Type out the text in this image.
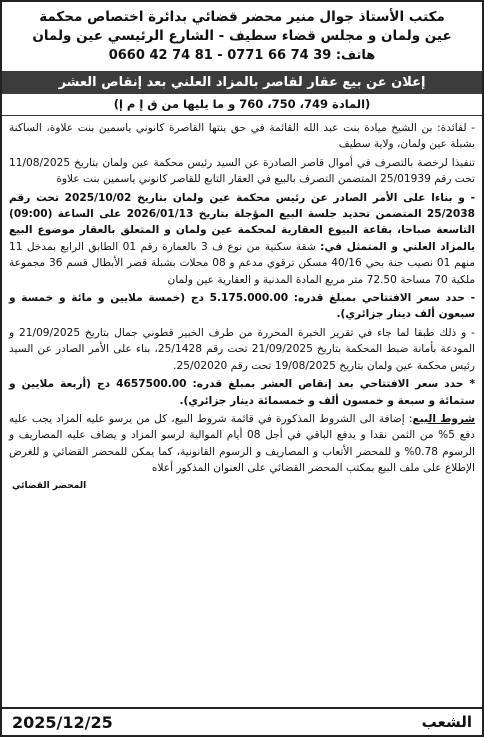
مكتب الأستاذ جوال منير محضر قضائي بدائرة اختصاص محكمة
عين ولمان و مجلس قضاء سطيف - الشارع الرئيسي عين ولمان
هاتف: 39 74 66 0771 - 81 74 42 0660
إعلان عن بيع عقار لقاصر بالمزاد العلني بعد إنقاص العشر
(المادة 749، 750، 760 و ما يليها من ق إ م إ)

- لفائدة: بن الشيخ ميادة بنت عبد الله القائمة في حق بنتها القاصرة كانوني ياسمين بنت علاوة، الساكنة بشبلة عين ولمان، ولاية سطيف

تنفيذا لرخصة بالتصرف في أموال قاصر الصادرة عن السيد رئيس محكمة عين ولمان بتاريخ 11/08/2025 تحت رقم 25/01939 المتضمن التصرف بالبيع في العقار التابع للقاصر كانوني ياسمين بنت علاوة

- و بناءا على الأمر الصادر عن رئيس محكمة عين ولمان بتاريخ 2025/10/02 تحت رقم 25/2038 المتضمن تحديد جلسة البيع المؤجلة بتاريخ 2026/01/13 على الساعة (09:00) التاسعة صباحا، بقاعة البيوع العقارية لمحكمة عين ولمان و المتعلق بالعقار موضوع البيع بالمزاد العلني و المتمثل في: شقة سكنية من نوع ف 3 بالعمارة رقم 01 الطابق الرابع بمدخل 11 منهم 01 نصيب جنة بحي 40/16 مسكن ترقوي مدعم و 08 محلات بشبلة قصر الأبطال قسم 36 مجموعة ملكية 70 مساحة 72.50 متر مربع المادة المدنية و العقارية عين ولمان

- حدد سعر الافتتاحي بمبلغ قدره: 5.175.000.00 دج (خمسة ملايين و مائة و خمسة و سبعون ألف دينار جزائري).

- و ذلك طبقا لما جاء في تقرير الخبرة المحررة من طرف الخبير قطوني جمال بتاريخ 21/09/2025 و المودعة بأمانة ضبط المحكمة بتاريخ 21/09/2025 تحت رقم 25/1428، بناء على الأمر الصادر عن السيد رئيس محكمة عين ولمان بتاريخ 19/08/2025 تحت رقم 25/02020.

* حدد سعر الافتتاحي بعد إنقاص العشر بمبلغ قدره: 4657500.00 دج (أربعة ملايين و ستمائة و سبعة و خمسون ألف و خمسمائة دينار جزائري).

شروط البيع: إضافة الى الشروط المذكورة في قائمة شروط البيع، كل من يرسو عليه المزاد يجب عليه دفع 5% من الثمن نقدا و يدفع الباقي في أجل 08 أيام الموالية لرسو المزاد و يضاف عليه المصاريف و الرسوم 0.78% و للمحضر الأتعاب و المصاريف و الرسوم القانونية، كما يمكن للمحضر القضائي و للغرض الإطلاع على ملف البيع بمكتب المحضر القضائي على العنوان المذكور أعلاه

المحضر القضائي
الشعب
2025/12/25
